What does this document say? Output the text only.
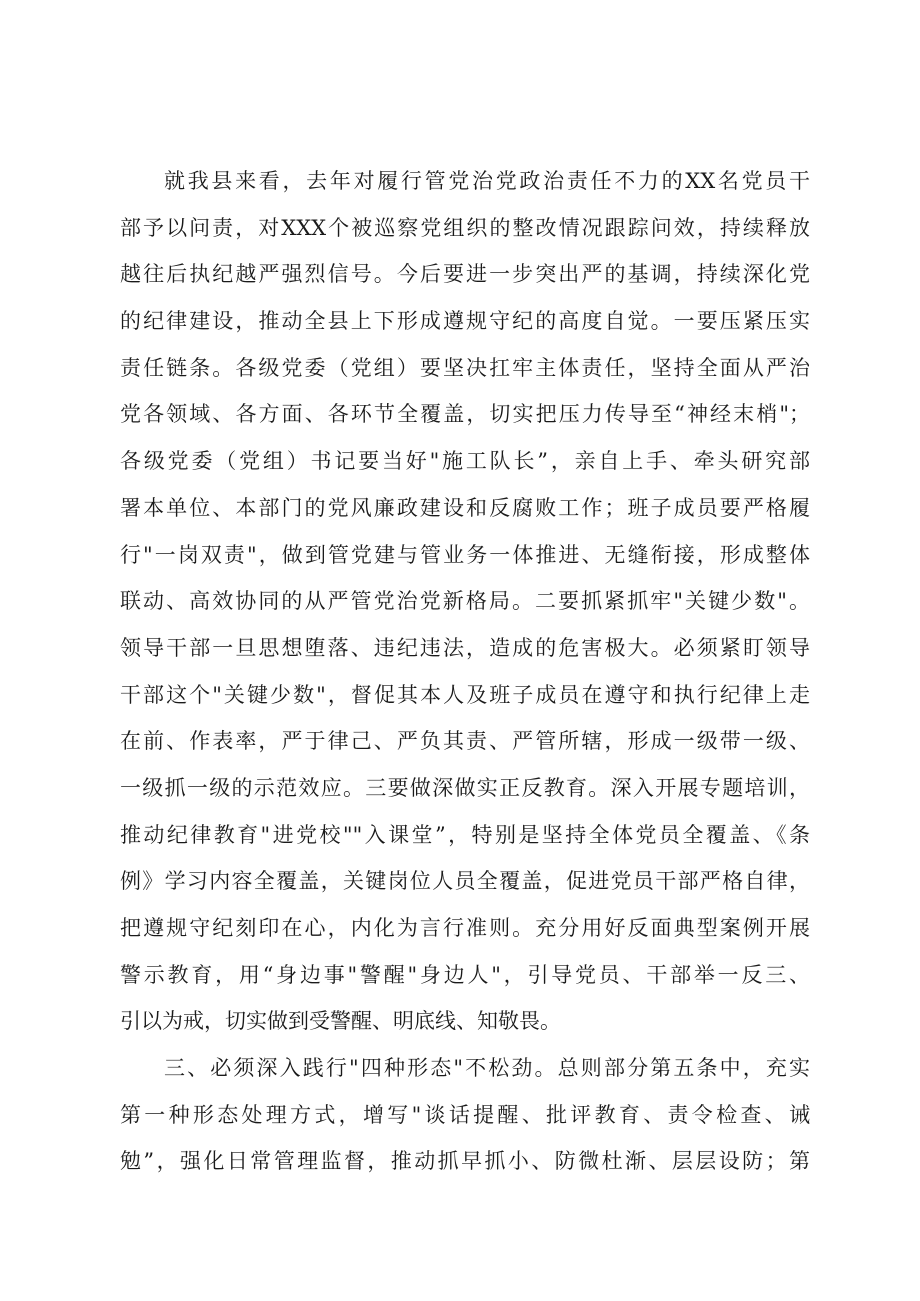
就我县来看，去年对履行管党治党政治责任不力的XX名党员干
部予以问责，对XXX个被巡察党组织的整改情况跟踪问效，持续释放
越往后执纪越严强烈信号。今后要进一步突出严的基调，持续深化党
的纪律建设，推动全县上下形成遵规守纪的高度自觉。一要压紧压实
责任链条。各级党委（党组）要坚决扛牢主体责任，坚持全面从严治
党各领域、各方面、各环节全覆盖，切实把压力传导至“神经末梢"；
各级党委（党组）书记要当好"施工队长”，亲自上手、牵头研究部
署本单位、本部门的党风廉政建设和反腐败工作；班子成员要严格履
行"一岗双责"，做到管党建与管业务一体推进、无缝衔接，形成整体
联动、高效协同的从严管党治党新格局。二要抓紧抓牢"关键少数"。
领导干部一旦思想堕落、违纪违法，造成的危害极大。必须紧盯领导
干部这个"关键少数"，督促其本人及班子成员在遵守和执行纪律上走
在前、作表率，严于律己、严负其责、严管所辖，形成一级带一级、
一级抓一级的示范效应。三要做深做实正反教育。深入开展专题培训，
推动纪律教育"进党校""入课堂”，特别是坚持全体党员全覆盖、《条
例》学习内容全覆盖，关键岗位人员全覆盖，促进党员干部严格自律，
把遵规守纪刻印在心，内化为言行准则。充分用好反面典型案例开展
警示教育，用“身边事"警醒"身边人"，引导党员、干部举一反三、
引以为戒，切实做到受警醒、明底线、知敬畏。
三、必须深入践行"四种形态"不松劲。总则部分第五条中，充实
第一种形态处理方式，增写"谈话提醒、批评教育、责令检查、诫
勉”，强化日常管理监督，推动抓早抓小、防微杜渐、层层设防；第
